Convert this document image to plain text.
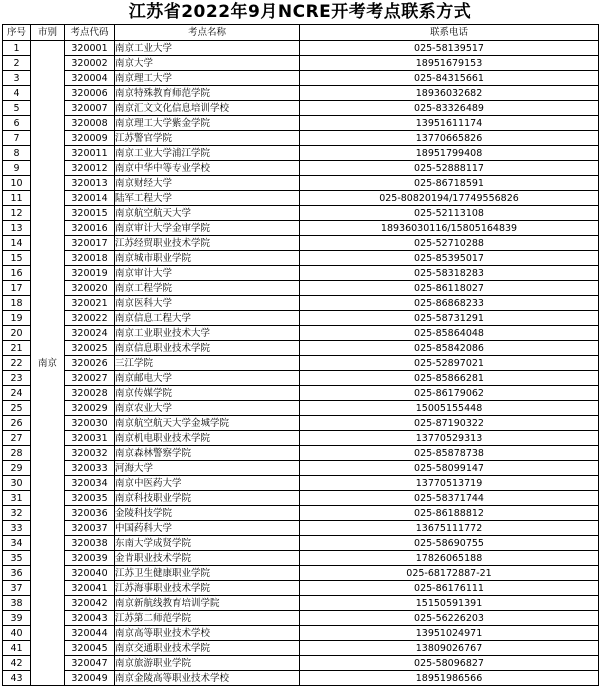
江苏省2022年9月NCRE开考考点联系方式
序号	市别	考点代码	考点名称	联系电话
1	南京	320001	南京工业大学	025-58139517
2		320002	南京大学	18951679153
3		320004	南京理工大学	025-84315661
4		320006	南京特殊教育师范学院	18936032682
5		320007	南京汇文文化信息培训学校	025-83326489
6		320008	南京理工大学紫金学院	13951611174
7		320009	江苏警官学院	13770665826
8		320011	南京工业大学浦江学院	18951799408
9		320012	南京中华中等专业学校	025-52888117
10		320013	南京财经大学	025-86718591
11		320014	陆军工程大学	025-80820194/17749556826
12		320015	南京航空航天大学	025-52113108
13		320016	南京审计大学金审学院	18936030116/15805164839
14		320017	江苏经贸职业技术学院	025-52710288
15		320018	南京城市职业学院	025-85395017
16		320019	南京审计大学	025-58318283
17		320020	南京工程学院	025-86118027
18		320021	南京医科大学	025-86868233
19		320022	南京信息工程大学	025-58731291
20		320024	南京工业职业技术大学	025-85864048
21		320025	南京信息职业技术学院	025-85842086
22		320026	三江学院	025-52897021
23		320027	南京邮电大学	025-85866281
24		320028	南京传媒学院	025-86179062
25		320029	南京农业大学	15005155448
26		320030	南京航空航天大学金城学院	025-87190322
27		320031	南京机电职业技术学院	13770529313
28		320032	南京森林警察学院	025-85878738
29		320033	河海大学	025-58099147
30		320034	南京中医药大学	13770513719
31		320035	南京科技职业学院	025-58371744
32		320036	金陵科技学院	025-86188812
33		320037	中国药科大学	13675111772
34		320038	东南大学成贤学院	025-58690755
35		320039	金肯职业技术学院	17826065188
36		320040	江苏卫生健康职业学院	025-68172887-21
37		320041	江苏海事职业技术学院	025-86176111
38		320042	南京新航线教育培训学院	15150591391
39		320043	江苏第二师范学院	025-56226203
40		320044	南京高等职业技术学校	13951024971
41		320045	南京交通职业技术学院	13809026767
42		320047	南京旅游职业学院	025-58096827
43		320049	南京金陵高等职业技术学校	18951986566
